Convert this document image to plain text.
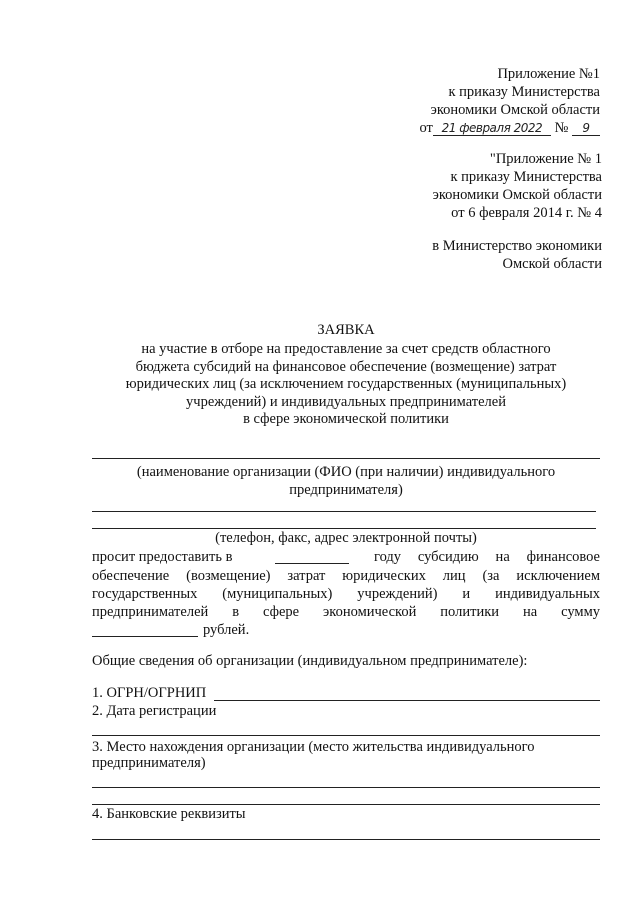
Приложение №1
к приказу Министерства
экономики Омской области
от 21 февраля 2022 № 9
"Приложение № 1
к приказу Министерства
экономики Омской области
от 6 февраля 2014 г. № 4
в Министерство экономики
Омской области
ЗАЯВКА
на участие в отборе на предоставление за счет средств областного
бюджета субсидий на финансовое обеспечение (возмещение) затрат
юридических лиц (за исключением государственных (муниципальных)
учреждений) и индивидуальных предпринимателей
в сфере экономической политики
(наименование организации (ФИО (при наличии) индивидуального
предпринимателя)
(телефон, факс, адрес электронной почты)
просит предоставить в	году субсидию на финансовое
обеспечение (возмещение) затрат юридических лиц (за исключением
государственных (муниципальных) учреждений) и индивидуальных
предпринимателей в сфере экономической политики на сумму
рублей.
Общие сведения об организации (индивидуальном предпринимателе):
1. ОГРН/ОГРНИП
2. Дата регистрации
3. Место нахождения организации (место жительства индивидуального
предпринимателя)
4. Банковские реквизиты
